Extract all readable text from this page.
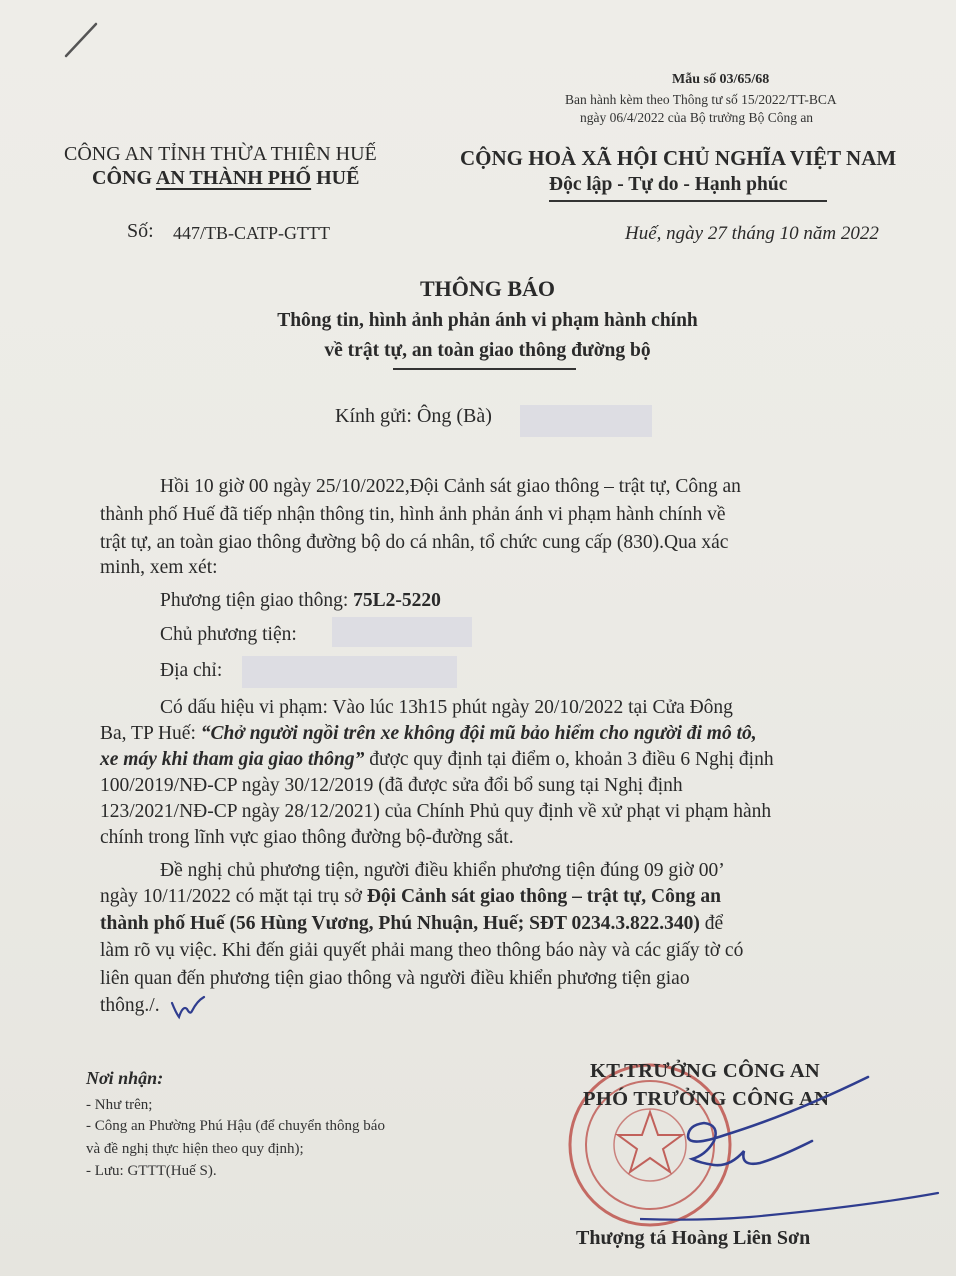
Mẫu số 03/65/68
Ban hành kèm theo Thông tư số 15/2022/TT-BCA
ngày 06/4/2022 của Bộ trưởng Bộ Công an
CÔNG AN TỈNH THỪA THIÊN HUẾ
CÔNG AN THÀNH PHỐ HUẾ
CỘNG HOÀ XÃ HỘI CHỦ NGHĨA VIỆT NAM
Độc lập - Tự do - Hạnh phúc
Số: 447/TB-CATP-GTTT	Huế, ngày 27 tháng 10 năm 2022
THÔNG BÁO
Thông tin, hình ảnh phản ánh vi phạm hành chính
về trật tự, an toàn giao thông đường bộ
Kính gửi: Ông (Bà)
Hồi 10 giờ 00 ngày 25/10/2022,Đội Cảnh sát giao thông – trật tự, Công an
thành phố Huế đã tiếp nhận thông tin, hình ảnh phản ánh vi phạm hành chính về
trật tự, an toàn giao thông đường bộ do cá nhân, tổ chức cung cấp (830).Qua xác
minh, xem xét:
Phương tiện giao thông: 75L2-5220
Chủ phương tiện:
Địa chỉ:
Có dấu hiệu vi phạm: Vào lúc 13h15 phút ngày 20/10/2022 tại Cửa Đông
Ba, TP Huế: “Chở người ngồi trên xe không đội mũ bảo hiểm cho người đi mô tô,
xe máy khi tham gia giao thông” được quy định tại điểm o, khoản 3 điều 6 Nghị định
100/2019/NĐ-CP ngày 30/12/2019 (đã được sửa đổi bổ sung tại Nghị định
123/2021/NĐ-CP ngày 28/12/2021) của Chính Phủ quy định về xử phạt vi phạm hành
chính trong lĩnh vực giao thông đường bộ-đường sắt.
Đề nghị chủ phương tiện, người điều khiển phương tiện đúng 09 giờ 00’
ngày 10/11/2022 có mặt tại trụ sở Đội Cảnh sát giao thông – trật tự, Công an
thành phố Huế (56 Hùng Vương, Phú Nhuận, Huế; SĐT 0234.3.822.340) để
làm rõ vụ việc. Khi đến giải quyết phải mang theo thông báo này và các giấy tờ có
liên quan đến phương tiện giao thông và người điều khiển phương tiện giao
thông./.
Nơi nhận:
- Như trên;
- Công an Phường Phú Hậu (để chuyển thông báo
và đề nghị thực hiện theo quy định);
- Lưu: GTTT(Huế S).
KT.TRƯỞNG CÔNG AN
PHÓ TRƯỞNG CÔNG AN
Thượng tá Hoàng Liên Sơn
